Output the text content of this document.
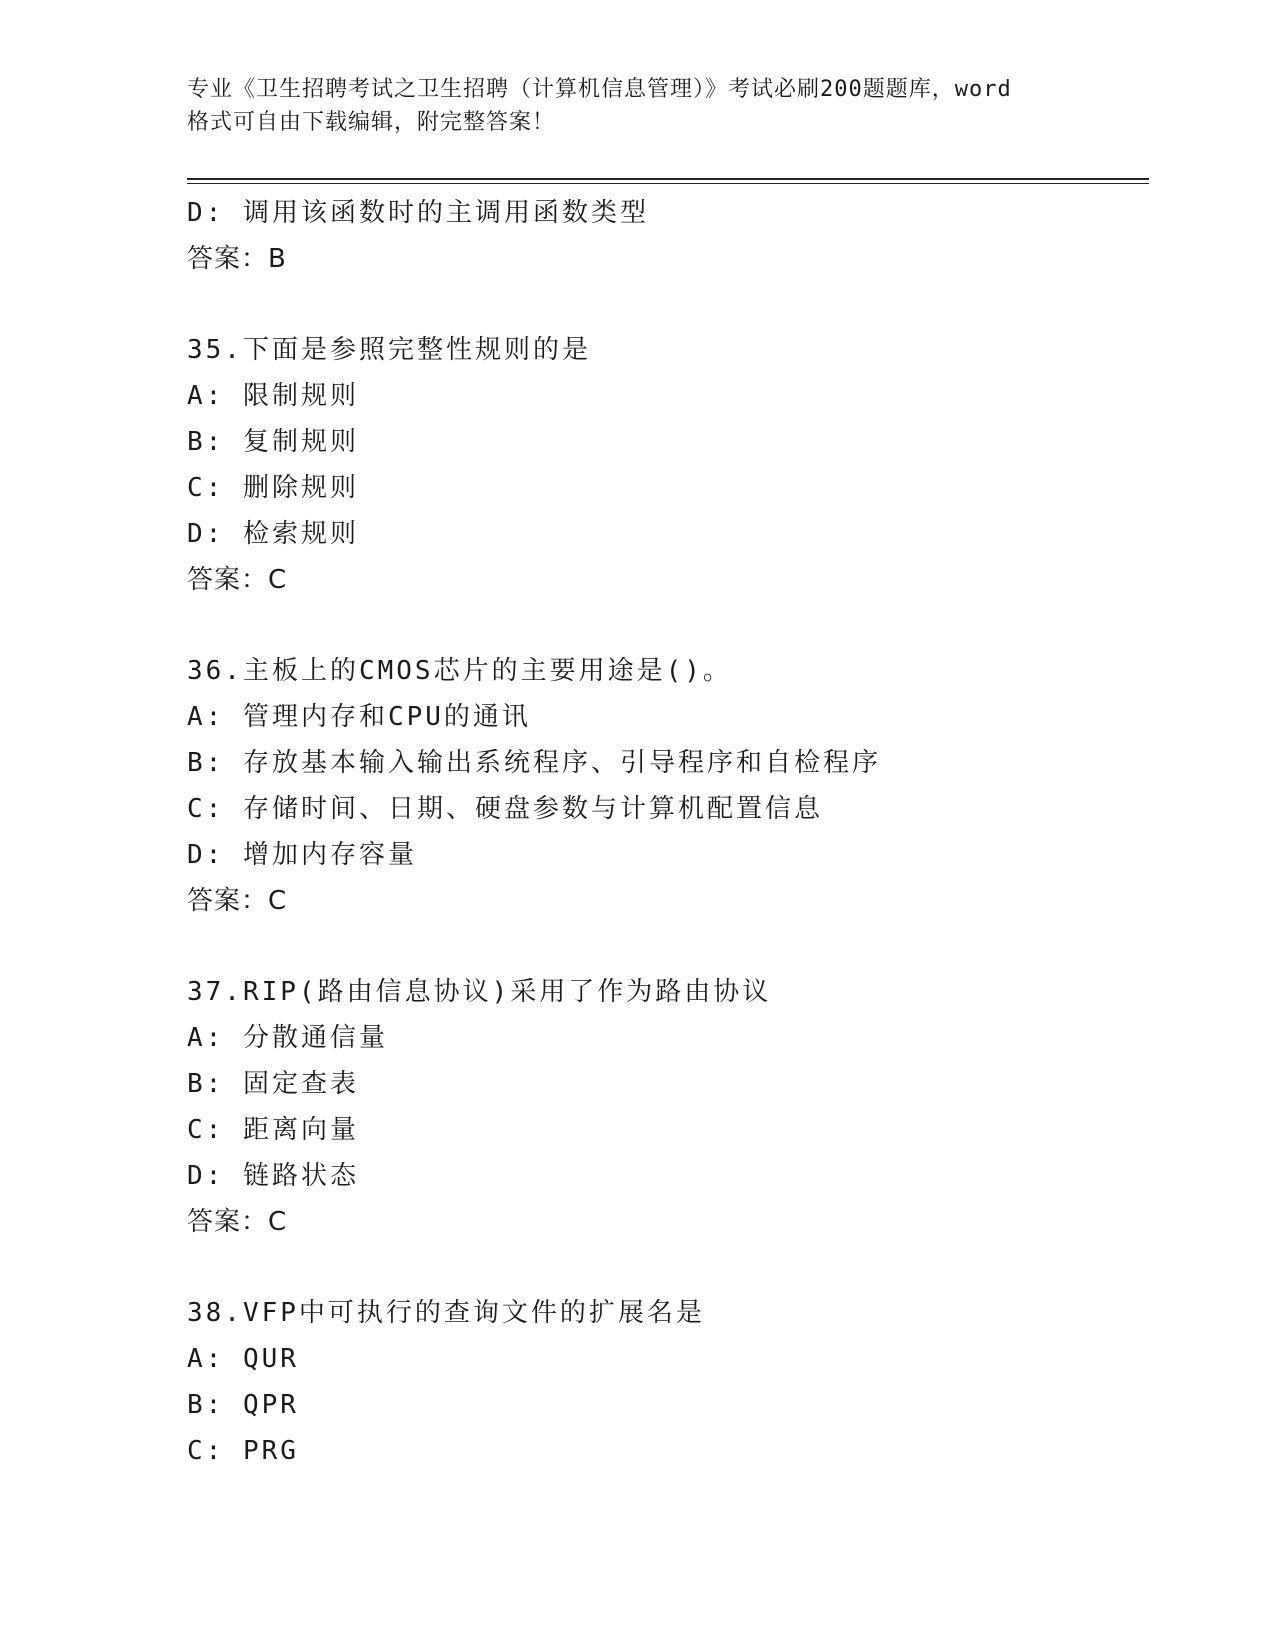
专业《卫生招聘考试之卫生招聘（计算机信息管理）》考试必刷200题题库，word
格式可自由下载编辑，附完整答案！
D: 调用该函数时的主调用函数类型
答案：B
35.下面是参照完整性规则的是
A: 限制规则
B: 复制规则
C: 删除规则
D: 检索规则
答案：C
36.主板上的CMOS芯片的主要用途是()。
A: 管理内存和CPU的通讯
B: 存放基本输入输出系统程序、引导程序和自检程序
C: 存储时间、日期、硬盘参数与计算机配置信息
D: 增加内存容量
答案：C
37.RIP(路由信息协议)采用了作为路由协议
A: 分散通信量
B: 固定查表
C: 距离向量
D: 链路状态
答案：C
38.VFP中可执行的查询文件的扩展名是
A: QUR
B: QPR
C: PRG
